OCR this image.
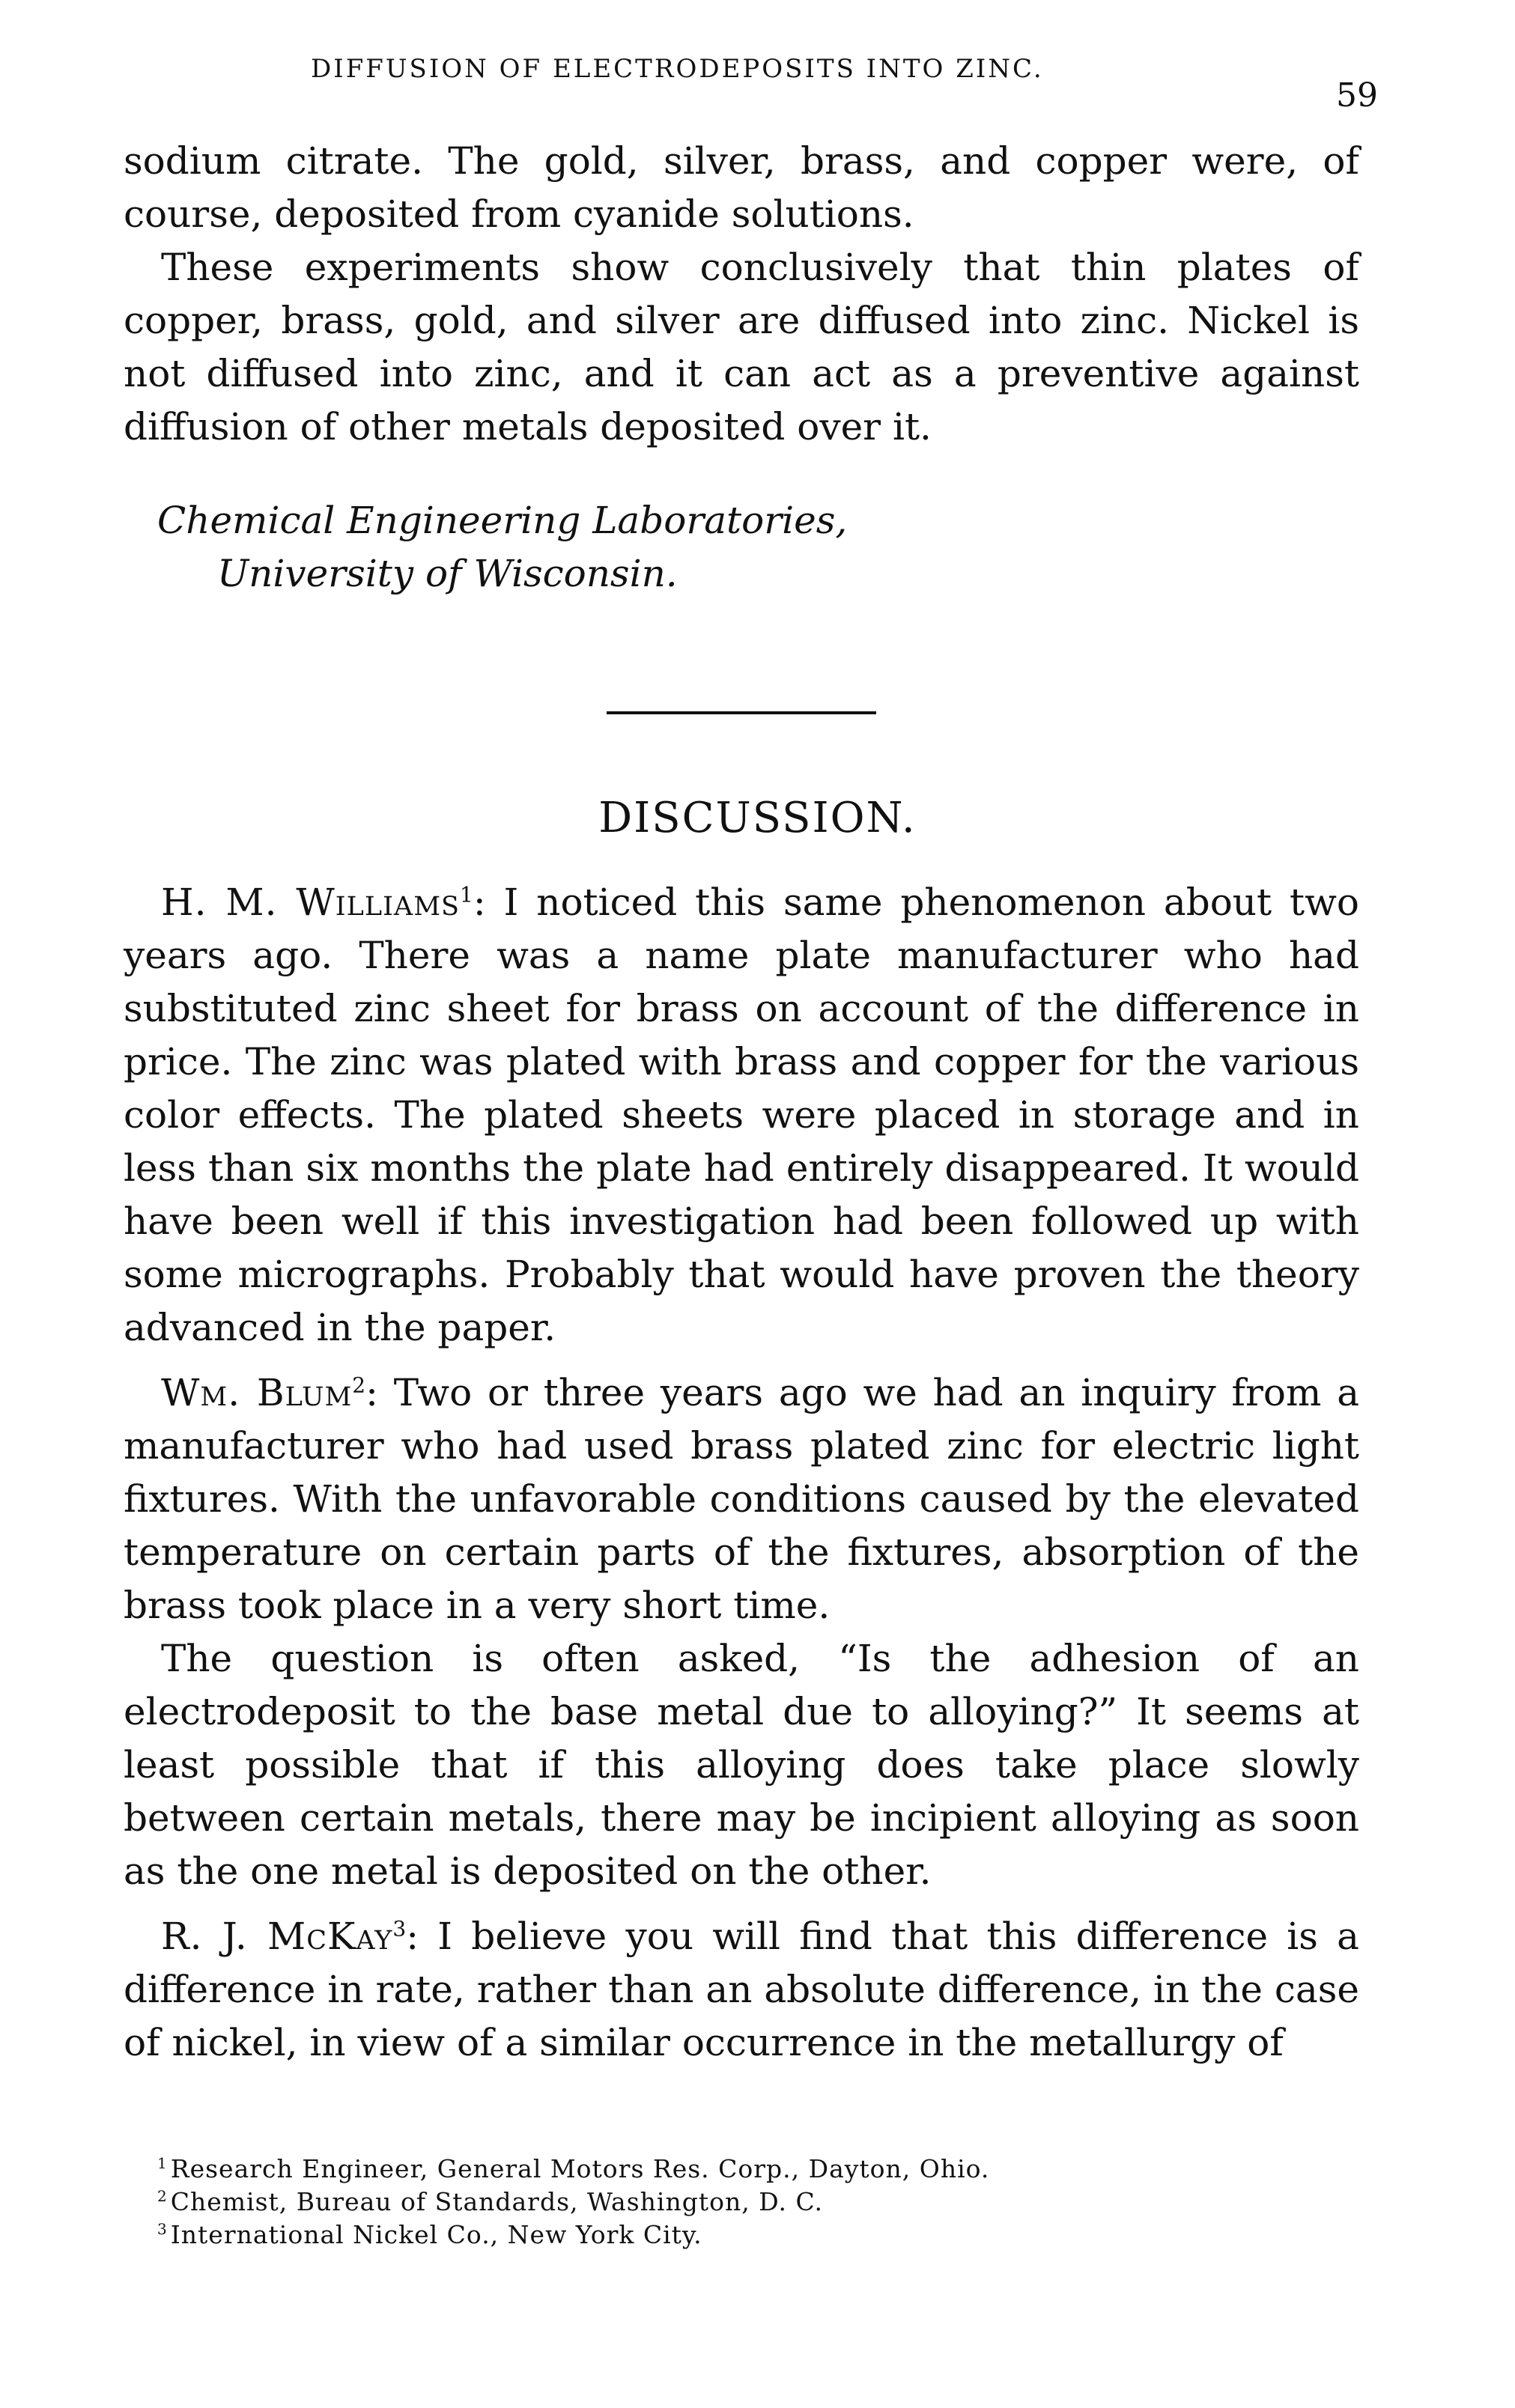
DIFFUSION OF ELECTRODEPOSITS INTO ZINC.
59

sodium citrate. The gold, silver, brass, and copper were, of course, deposited from cyanide solutions.

These experiments show conclusively that thin plates of copper, brass, gold, and silver are diffused into zinc. Nickel is not diffused into zinc, and it can act as a preventive against diffusion of other metals deposited over it.

Chemical Engineering Laboratories,
University of Wisconsin.
DISCUSSION.

H. M. Williams$^1$: I noticed this same phenomenon about two years ago. There was a name plate manufacturer who had substituted zinc sheet for brass on account of the difference in price. The zinc was plated with brass and copper for the various color effects. The plated sheets were placed in storage and in less than six months the plate had entirely disappeared. It would have been well if this investigation had been followed up with some micrographs. Probably that would have proven the theory advanced in the paper.

Wm. Blum$^2$: Two or three years ago we had an inquiry from a manufacturer who had used brass plated zinc for electric light fixtures. With the unfavorable conditions caused by the elevated temperature on certain parts of the fixtures, absorption of the brass took place in a very short time.

The question is often asked, “Is the adhesion of an electrodeposit to the base metal due to alloying?” It seems at least possible that if this alloying does take place slowly between certain metals, there may be incipient alloying as soon as the one metal is deposited on the other.

R. J. McKay$^3$: I believe you will find that this difference is a difference in rate, rather than an absolute difference, in the case of nickel, in view of a similar occurrence in the metallurgy of

$^1$ Research Engineer, General Motors Res. Corp., Dayton, Ohio.
$^2$ Chemist, Bureau of Standards, Washington, D. C.
$^3$ International Nickel Co., New York City.
